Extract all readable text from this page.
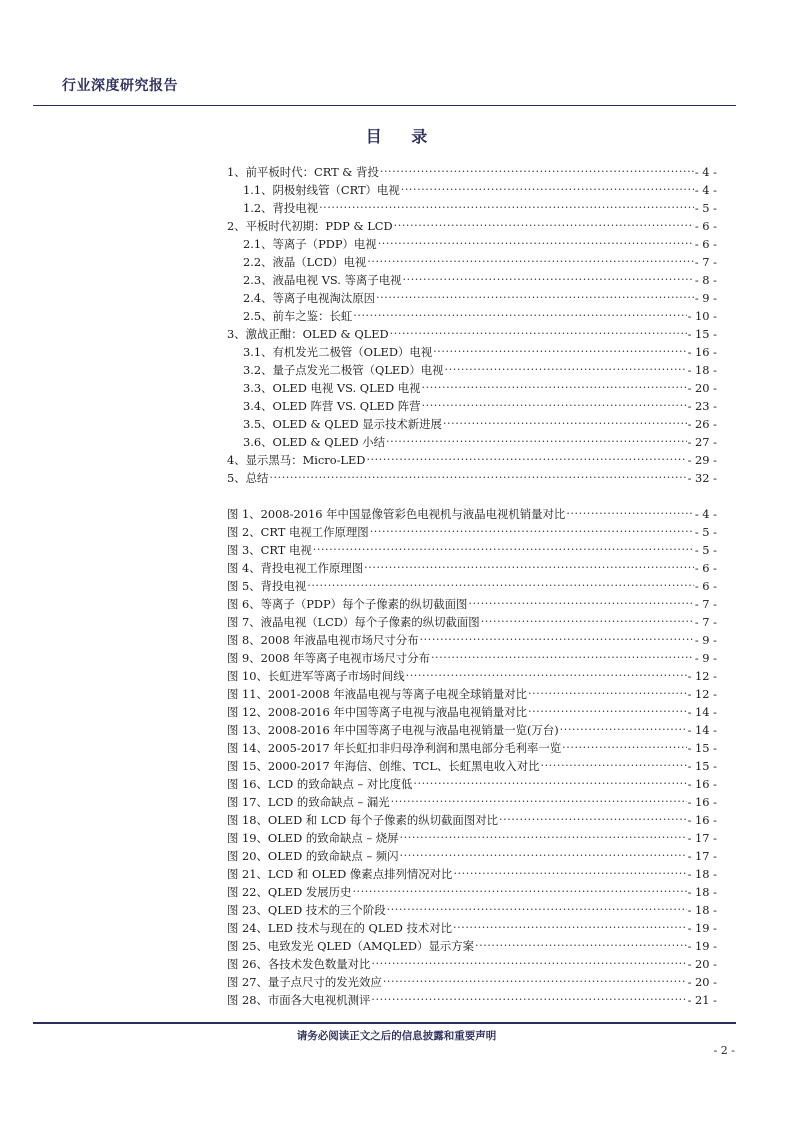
行业深度研究报告
目 录
1、前平板时代：CRT & 背投 .....	- 4 -
1.1、阴极射线管（CRT）电视 .....	- 4 -
1.2、背投电视 .....	- 5 -
2、平板时代初期：PDP & LCD .....	- 6 -
2.1、等离子（PDP）电视 .....	- 6 -
2.2、液晶（LCD）电视 .....	- 7 -
2.3、液晶电视 VS. 等离子电视 .....	- 8 -
2.4、等离子电视淘汰原因 .....	- 9 -
2.5、前车之鉴：长虹 .....	- 10 -
3、激战正酣：OLED & QLED .....	- 15 -
3.1、有机发光二极管（OLED）电视 .....	- 16 -
3.2、量子点发光二极管（QLED）电视 .....	- 18 -
3.3、OLED 电视 VS. QLED 电视 .....	- 20 -
3.4、OLED 阵营 VS. QLED 阵营 .....	- 23 -
3.5、OLED & QLED 显示技术新进展 .....	- 26 -
3.6、OLED & QLED 小结 .....	- 27 -
4、显示黑马：Micro-LED .....	- 29 -
5、总结 .....	- 32 -
图 1、2008-2016 年中国显像管彩色电视机与液晶电视机销量对比 .....	- 4 -
图 2、CRT 电视工作原理图 .....	- 5 -
图 3、CRT 电视 .....	- 5 -
图 4、背投电视工作原理图 .....	- 6 -
图 5、背投电视 .....	- 6 -
图 6、等离子（PDP）每个子像素的纵切截面图 .....	- 7 -
图 7、液晶电视（LCD）每个子像素的纵切截面图 .....	- 7 -
图 8、2008 年液晶电视市场尺寸分布 .....	- 9 -
图 9、2008 年等离子电视市场尺寸分布 .....	- 9 -
图 10、长虹进军等离子市场时间线 .....	- 12 -
图 11、2001-2008 年液晶电视与等离子电视全球销量对比 .....	- 12 -
图 12、2008-2016 年中国等离子电视与液晶电视销量对比 .....	- 14 -
图 13、2008-2016 年中国等离子电视与液晶电视销量一览(万台) .....	- 14 -
图 14、2005-2017 年长虹扣非归母净利润和黑电部分毛利率一览 .....	- 15 -
图 15、2000-2017 年海信、创维、TCL、长虹黑电收入对比 .....	- 15 -
图 16、LCD 的致命缺点 – 对比度低 .....	- 16 -
图 17、LCD 的致命缺点 – 漏光 .....	- 16 -
图 18、OLED 和 LCD 每个子像素的纵切截面图对比 .....	- 16 -
图 19、OLED 的致命缺点 – 烧屏 .....	- 17 -
图 20、OLED 的致命缺点 – 频闪 .....	- 17 -
图 21、LCD 和 OLED 像素点排列情况对比 .....	- 18 -
图 22、QLED 发展历史 .....	- 18 -
图 23、QLED 技术的三个阶段 .....	- 18 -
图 24、LED 技术与现在的 QLED 技术对比 .....	- 19 -
图 25、电致发光 QLED（AMQLED）显示方案 .....	- 19 -
图 26、各技术发色数量对比 .....	- 20 -
图 27、量子点尺寸的发光效应 .....	- 20 -
图 28、市面各大电视机测评 .....	- 21 -
请务必阅读正文之后的信息披露和重要声明
- 2 -
